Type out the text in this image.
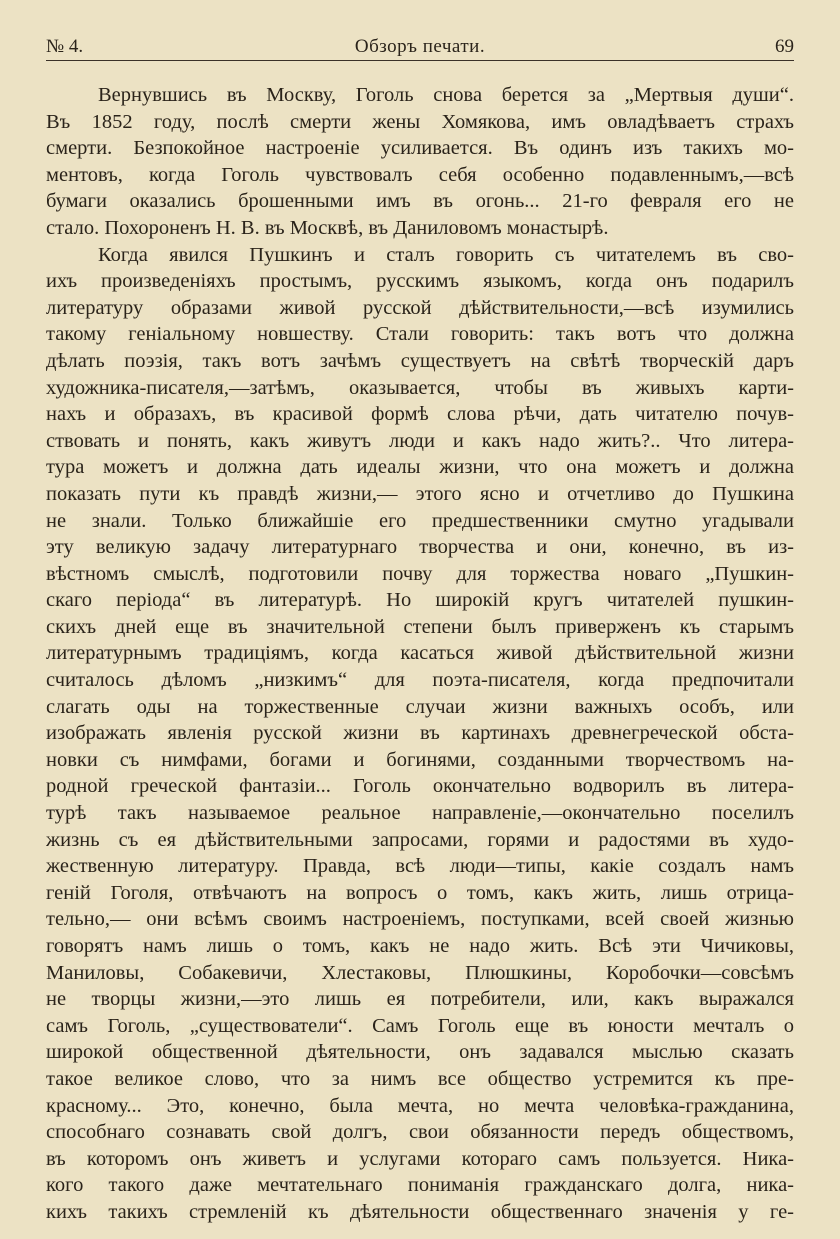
№ 4.	Обзоръ печати.	69
Вернувшись въ Москву, Гоголь снова берется за „Мертвыя души“.
Въ 1852 году, послѣ смерти жены Хомякова, имъ овладѣваетъ страхъ
смерти. Безпокойное настроеніе усиливается. Въ одинъ изъ такихъ мо-
ментовъ, когда Гоголь чувствовалъ себя особенно подавленнымъ,—всѣ
бумаги оказались брошенными имъ въ огонь... 21-го февраля его не
стало. Похороненъ Н. В. въ Москвѣ, въ Даниловомъ монастырѣ.
Когда явился Пушкинъ и сталъ говорить съ читателемъ въ сво-
ихъ произведеніяхъ простымъ, русскимъ языкомъ, когда онъ подарилъ
литературу образами живой русской дѣйствительности,—всѣ изумились
такому геніальному новшеству. Стали говорить: такъ вотъ что должна
дѣлать поэзія, такъ вотъ зачѣмъ существуетъ на свѣтѣ творческій даръ
художника-писателя,—затѣмъ, оказывается, чтобы въ живыхъ карти-
нахъ и образахъ, въ красивой формѣ слова рѣчи, дать читателю почув-
ствовать и понять, какъ живутъ люди и какъ надо жить?.. Что литера-
тура можетъ и должна дать идеалы жизни, что она можетъ и должна
показать пути къ правдѣ жизни,— этого ясно и отчетливо до Пушкина
не знали. Только ближайшіе его предшественники смутно угадывали
эту великую задачу литературнаго творчества и они, конечно, въ из-
вѣстномъ смыслѣ, подготовили почву для торжества новаго „Пушкин-
скаго періода“ въ литературѣ. Но широкій кругъ читателей пушкин-
скихъ дней еще въ значительной степени былъ приверженъ къ старымъ
литературнымъ традиціямъ, когда касаться живой дѣйствительной жизни
считалось дѣломъ „низкимъ“ для поэта-писателя, когда предпочитали
слагать оды на торжественные случаи жизни важныхъ особъ, или
изображать явленія русской жизни въ картинахъ древнегреческой обста-
новки съ нимфами, богами и богинями, созданными творчествомъ на-
родной греческой фантазіи... Гоголь окончательно водворилъ въ литера-
турѣ такъ называемое реальное направленіе,—окончательно поселилъ
жизнь съ ея дѣйствительными запросами, горями и радостями въ худо-
жественную литературу. Правда, всѣ люди—типы, какіе создалъ намъ
геній Гоголя, отвѣчаютъ на вопросъ о томъ, какъ жить, лишь отрица-
тельно,— они всѣмъ своимъ настроеніемъ, поступками, всей своей жизнью
говорятъ намъ лишь о томъ, какъ не надо жить. Всѣ эти Чичиковы,
Маниловы, Собакевичи, Хлестаковы, Плюшкины, Коробочки—совсѣмъ
не творцы жизни,—это лишь ея потребители, или, какъ выражался
самъ Гоголь, „существователи“. Самъ Гоголь еще въ юности мечталъ о
широкой общественной дѣятельности, онъ задавался мыслью сказать
такое великое слово, что за нимъ все общество устремится къ пре-
красному... Это, конечно, была мечта, но мечта человѣка-гражданина,
способнаго сознавать свой долгъ, свои обязанности передъ обществомъ,
въ которомъ онъ живетъ и услугами котораго самъ пользуется. Ника-
кого такого даже мечтательнаго пониманія гражданскаго долга, ника-
кихъ такихъ стремленій къ дѣятельности общественнаго значенія у ге-
